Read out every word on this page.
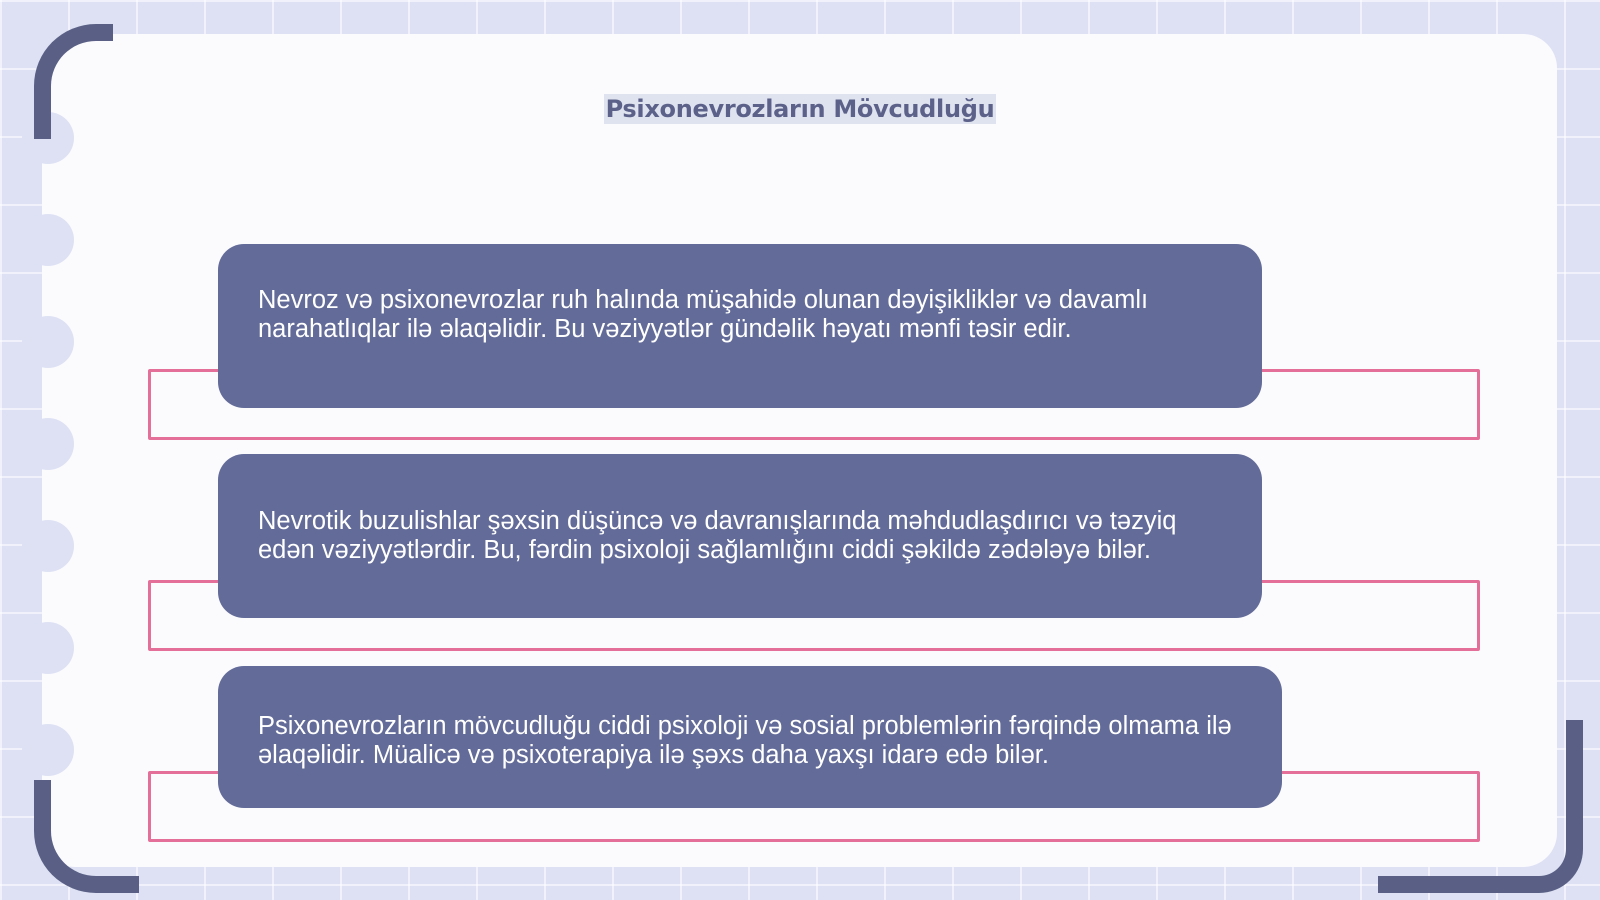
Psixonevrozların Mövcudluğu
Nevroz və psixonevrozlar ruh halında müşahidə olunan dəyişikliklər və davamlı narahatlıqlar ilə əlaqəlidir. Bu vəziyyətlər gündəlik həyatı mənfi təsir edir.
Nevrotik buzulishlar şəxsin düşüncə və davranışlarında məhdudlaşdırıcı və təzyiq edən vəziyyətlərdir. Bu, fərdin psixoloji sağlamlığını ciddi şəkildə zədələyə bilər.
Psixonevrozların mövcudluğu ciddi psixoloji və sosial problemlərin fərqində olmama ilə əlaqəlidir. Müalicə və psixoterapiya ilə şəxs daha yaxşı idarə edə bilər.
